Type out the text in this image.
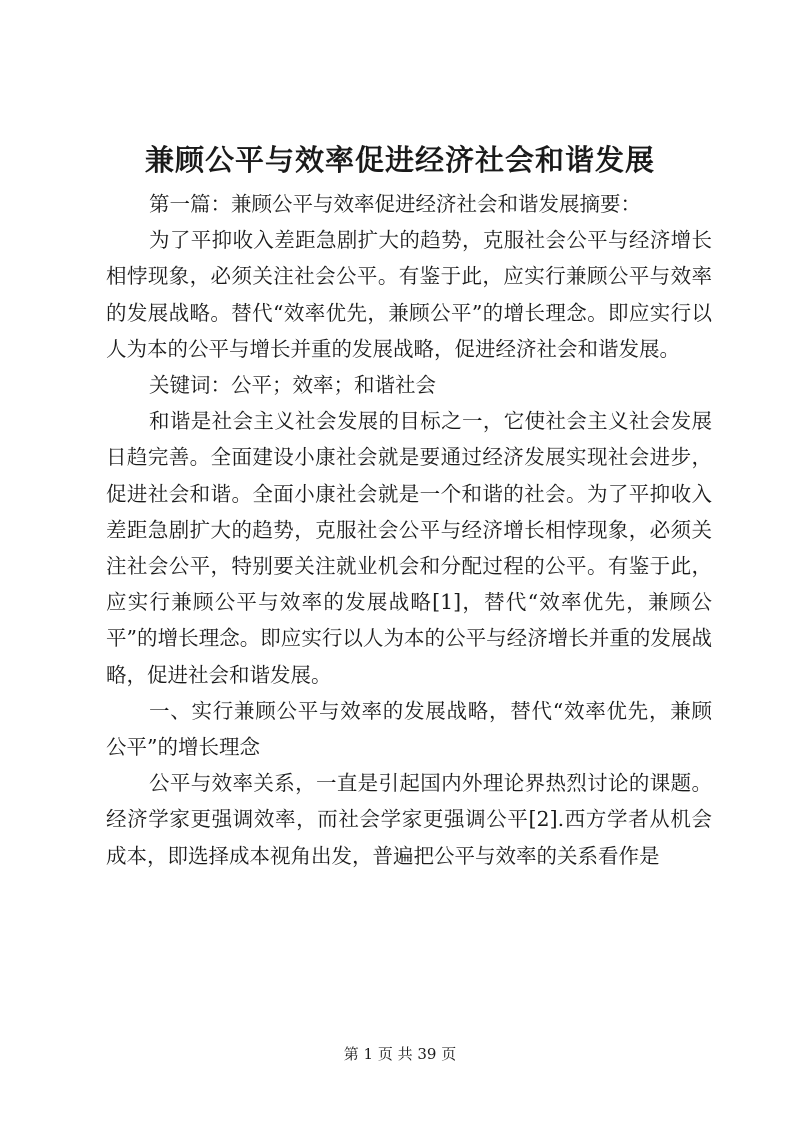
兼顾公平与效率促进经济社会和谐发展

第一篇：兼顾公平与效率促进经济社会和谐发展摘要：

为了平抑收入差距急剧扩大的趋势，克服社会公平与经济增长相悖现象，必须关注社会公平。有鉴于此，应实行兼顾公平与效率的发展战略。替代“效率优先，兼顾公平”的增长理念。即应实行以人为本的公平与增长并重的发展战略，促进经济社会和谐发展。

关键词：公平；效率；和谐社会

和谐是社会主义社会发展的目标之一，它使社会主义社会发展日趋完善。全面建设小康社会就是要通过经济发展实现社会进步，促进社会和谐。全面小康社会就是一个和谐的社会。为了平抑收入差距急剧扩大的趋势，克服社会公平与经济增长相悖现象，必须关注社会公平，特别要关注就业机会和分配过程的公平。有鉴于此，应实行兼顾公平与效率的发展战略[1]，替代“效率优先，兼顾公平”的增长理念。即应实行以人为本的公平与经济增长并重的发展战略，促进社会和谐发展。

一、实行兼顾公平与效率的发展战略，替代“效率优先，兼顾公平”的增长理念

公平与效率关系，一直是引起国内外理论界热烈讨论的课题。经济学家更强调效率，而社会学家更强调公平[2].西方学者从机会成本，即选择成本视角出发，普遍把公平与效率的关系看作是

第 1 页 共 39 页
